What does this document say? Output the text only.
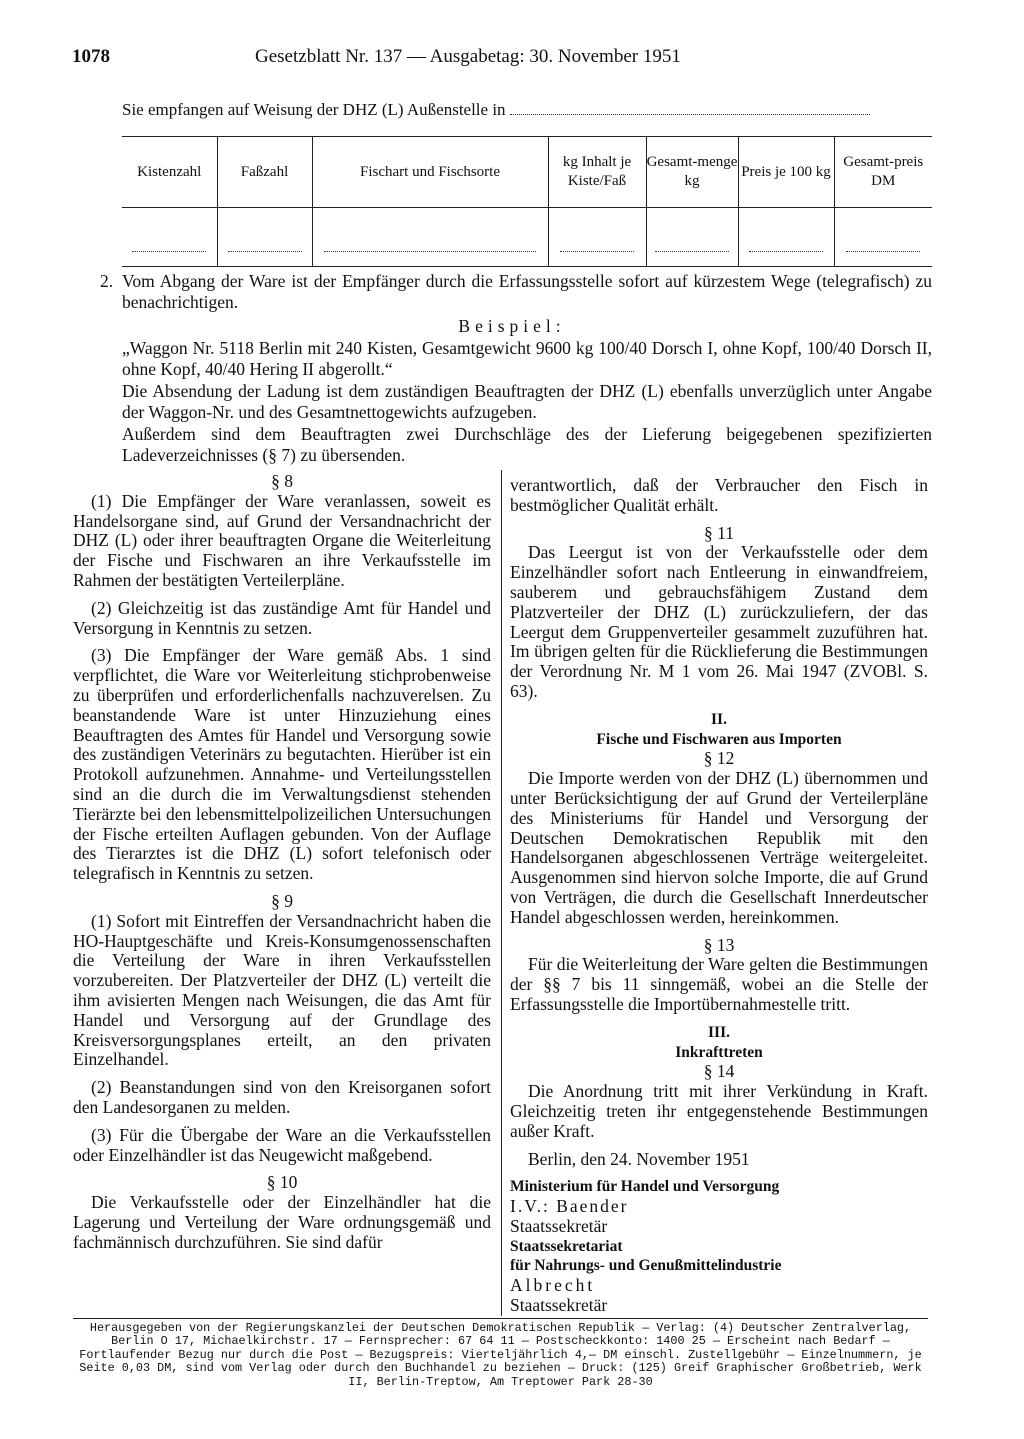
1078	Gesetzblatt Nr. 137 — Ausgabetag: 30. November 1951
Sie empfangen auf Weisung der DHZ (L) Außenstelle in
Kistenzahl	Faßzahl	Fischart und Fischsorte	kg Inhalt je Kiste/Faß	Gesamt-menge kg	Preis je 100 kg	Gesamt-preis DM

2. Vom Abgang der Ware ist der Empfänger durch die Erfassungsstelle sofort auf kürzestem Wege (telegrafisch) zu benachrichtigen.

Beispiel:

„Waggon Nr. 5118 Berlin mit 240 Kisten, Gesamtgewicht 9600 kg 100/40 Dorsch I, ohne Kopf, 100/40 Dorsch II, ohne Kopf, 40/40 Hering II abgerollt.“

Die Absendung der Ladung ist dem zuständigen Beauftragten der DHZ (L) ebenfalls unverzüglich unter Angabe der Waggon-Nr. und des Gesamtnettogewichts aufzugeben.

Außerdem sind dem Beauftragten zwei Durchschläge des der Lieferung beigegebenen spezifizierten Ladeverzeichnisses (§ 7) zu übersenden.

§ 8

(1) Die Empfänger der Ware veranlassen, soweit es Handelsorgane sind, auf Grund der Versandnachricht der DHZ (L) oder ihrer beauftragten Organe die Weiterleitung der Fische und Fischwaren an ihre Verkaufsstelle im Rahmen der bestätigten Verteilerpläne.

(2) Gleichzeitig ist das zuständige Amt für Handel und Versorgung in Kenntnis zu setzen.

(3) Die Empfänger der Ware gemäß Abs. 1 sind verpflichtet, die Ware vor Weiterleitung stichprobenweise zu überprüfen und erforderlichenfalls nachzuverelsen. Zu beanstandende Ware ist unter Hinzuziehung eines Beauftragten des Amtes für Handel und Versorgung sowie des zuständigen Veterinärs zu begutachten. Hierüber ist ein Protokoll aufzunehmen. Annahme- und Verteilungsstellen sind an die durch die im Verwaltungsdienst stehenden Tierärzte bei den lebensmittelpolizeilichen Untersuchungen der Fische erteilten Auflagen gebunden. Von der Auflage des Tierarztes ist die DHZ (L) sofort telefonisch oder telegrafisch in Kenntnis zu setzen.

§ 9

(1) Sofort mit Eintreffen der Versandnachricht haben die HO-Hauptgeschäfte und Kreis-Konsumgenossenschaften die Verteilung der Ware in ihren Verkaufsstellen vorzubereiten. Der Platzverteiler der DHZ (L) verteilt die ihm avisierten Mengen nach Weisungen, die das Amt für Handel und Versorgung auf der Grundlage des Kreisversorgungsplanes erteilt, an den privaten Einzelhandel.

(2) Beanstandungen sind von den Kreisorganen sofort den Landesorganen zu melden.

(3) Für die Übergabe der Ware an die Verkaufsstellen oder Einzelhändler ist das Neugewicht maßgebend.

§ 10

Die Verkaufsstelle oder der Einzelhändler hat die Lagerung und Verteilung der Ware ordnungsgemäß und fachmännisch durchzuführen. Sie sind dafür

verantwortlich, daß der Verbraucher den Fisch in bestmöglicher Qualität erhält.

§ 11

Das Leergut ist von der Verkaufsstelle oder dem Einzelhändler sofort nach Entleerung in einwandfreiem, sauberem und gebrauchsfähigem Zustand dem Platzverteiler der DHZ (L) zurückzuliefern, der das Leergut dem Gruppenverteiler gesammelt zuzuführen hat. Im übrigen gelten für die Rücklieferung die Bestimmungen der Verordnung Nr. M 1 vom 26. Mai 1947 (ZVOBl. S. 63).

II.

Fische und Fischwaren aus Importen

§ 12

Die Importe werden von der DHZ (L) übernommen und unter Berücksichtigung der auf Grund der Verteilerpläne des Ministeriums für Handel und Versorgung der Deutschen Demokratischen Republik mit den Handelsorganen abgeschlossenen Verträge weitergeleitet. Ausgenommen sind hiervon solche Importe, die auf Grund von Verträgen, die durch die Gesellschaft Innerdeutscher Handel abgeschlossen werden, hereinkommen.

§ 13

Für die Weiterleitung der Ware gelten die Bestimmungen der §§ 7 bis 11 sinngemäß, wobei an die Stelle der Erfassungsstelle die Importübernahmestelle tritt.

III.

Inkrafttreten

§ 14

Die Anordnung tritt mit ihrer Verkündung in Kraft. Gleichzeitig treten ihr entgegenstehende Bestimmungen außer Kraft.

Berlin, den 24. November 1951

Ministerium für Handel und Versorgung

I.V.: Baender

Staatssekretär

Staatssekretariat

für Nahrungs- und Genußmittelindustrie

Albrecht

Staatssekretär

Herausgegeben von der Regierungskanzlei der Deutschen Demokratischen Republik — Verlag: (4) Deutscher Zentralverlag, Berlin O 17, Michaelkirchstr. 17 — Fernsprecher: 67 64 11 — Postscheckkonto: 1400 25 — Erscheint nach Bedarf — Fortlaufender Bezug nur durch die Post — Bezugspreis: Vierteljährlich 4,— DM einschl. Zustellgebühr — Einzelnummern, je Seite 0,03 DM, sind vom Verlag oder durch den Buchhandel zu beziehen — Druck: (125) Greif Graphischer Großbetrieb, Werk II, Berlin-Treptow, Am Treptower Park 28-30
